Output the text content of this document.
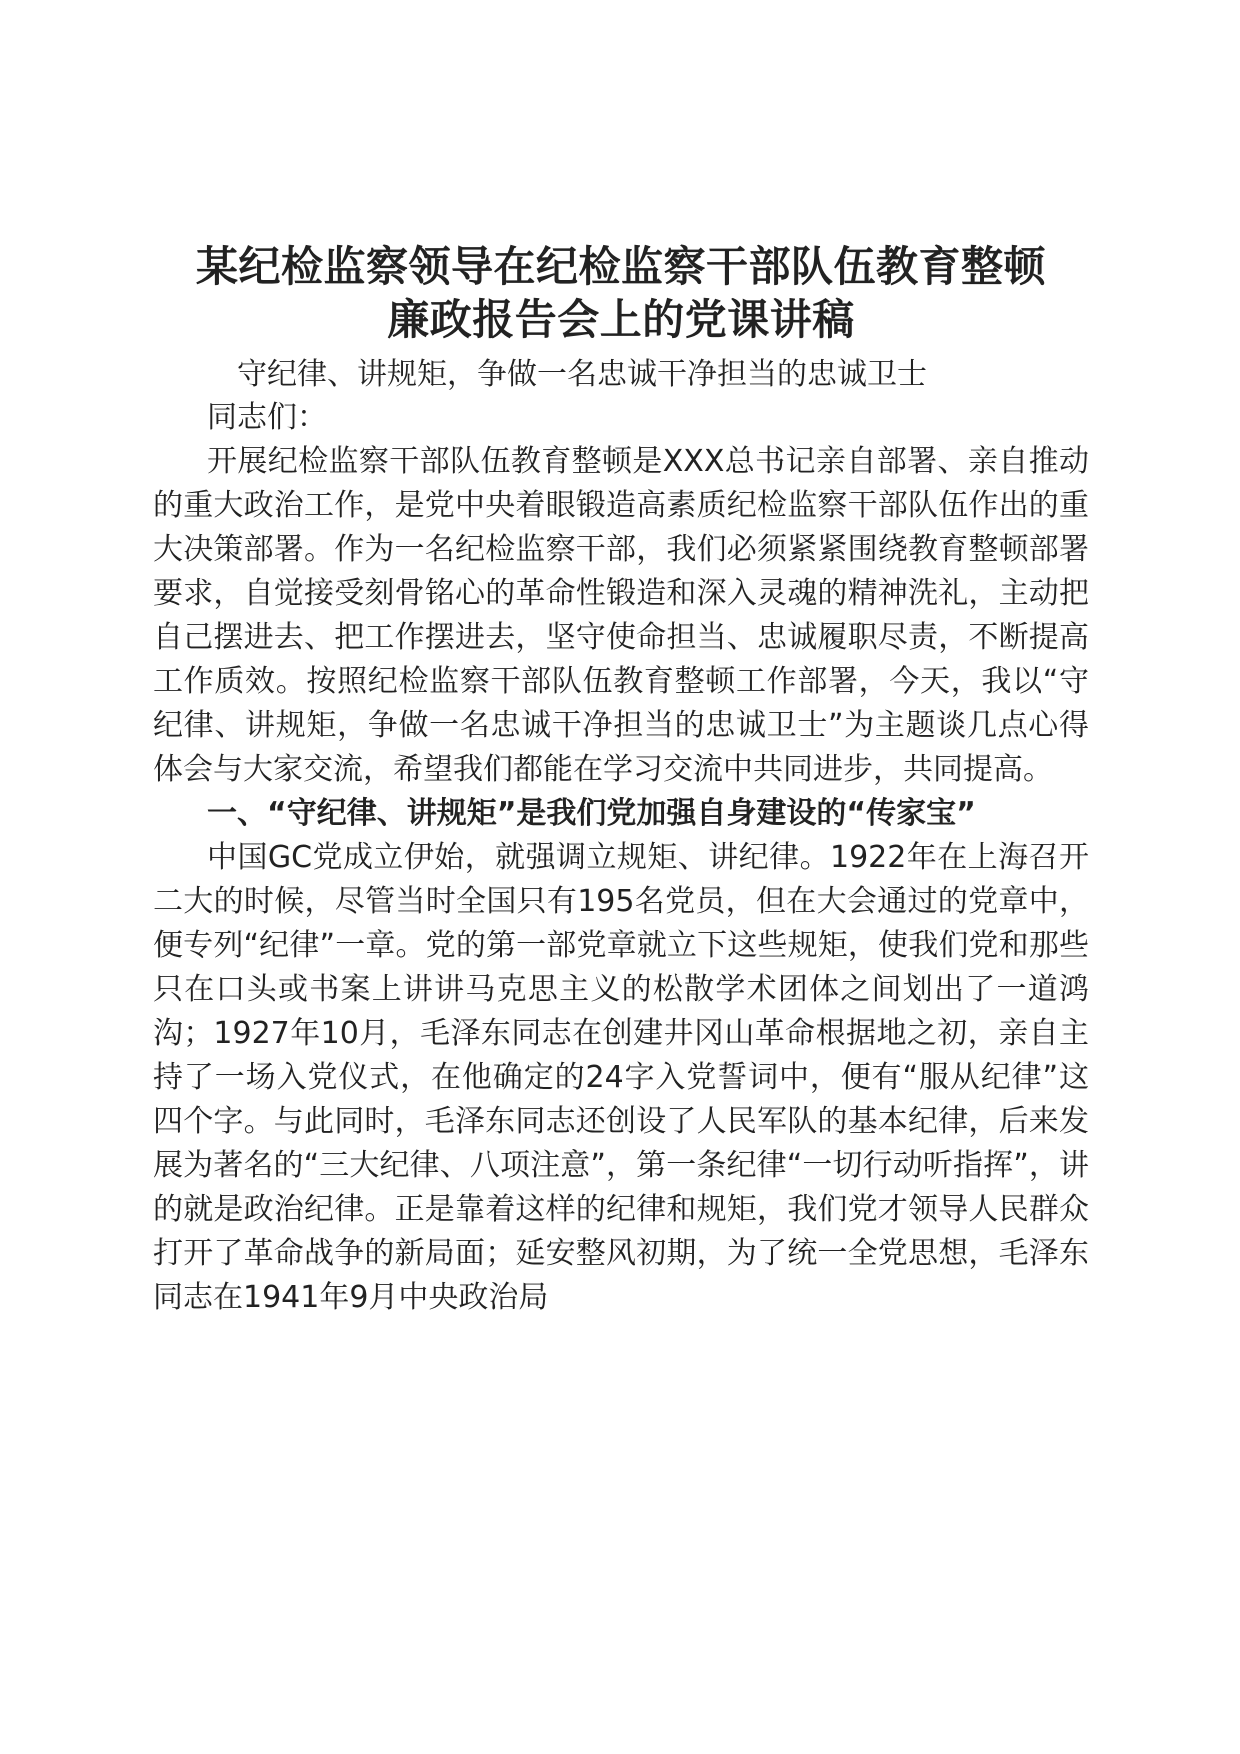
某纪检监察领导在纪检监察干部队伍教育整顿
廉政报告会上的党课讲稿

守纪律、讲规矩，争做一名忠诚干净担当的忠诚卫士

同志们：

开展纪检监察干部队伍教育整顿是XXX总书记亲自部署、亲自推动的重大政治工作，是党中央着眼锻造高素质纪检监察干部队伍作出的重大决策部署。作为一名纪检监察干部，我们必须紧紧围绕教育整顿部署要求，自觉接受刻骨铭心的革命性锻造和深入灵魂的精神洗礼，主动把自己摆进去、把工作摆进去，坚守使命担当、忠诚履职尽责，不断提高工作质效。按照纪检监察干部队伍教育整顿工作部署，今天，我以“守纪律、讲规矩，争做一名忠诚干净担当的忠诚卫士”为主题谈几点心得体会与大家交流，希望我们都能在学习交流中共同进步，共同提高。

一、“守纪律、讲规矩”是我们党加强自身建设的“传家宝”

中国GC党成立伊始，就强调立规矩、讲纪律。1922年在上海召开二大的时候，尽管当时全国只有195名党员，但在大会通过的党章中，便专列“纪律”一章。党的第一部党章就立下这些规矩，使我们党和那些只在口头或书案上讲讲马克思主义的松散学术团体之间划出了一道鸿沟；1927年10月，毛泽东同志在创建井冈山革命根据地之初，亲自主持了一场入党仪式，在他确定的24字入党誓词中，便有“服从纪律”这四个字。与此同时，毛泽东同志还创设了人民军队的基本纪律，后来发展为著名的“三大纪律、八项注意”，第一条纪律“一切行动听指挥”，讲的就是政治纪律。正是靠着这样的纪律和规矩，我们党才领导人民群众打开了革命战争的新局面；延安整风初期，为了统一全党思想，毛泽东同志在1941年9月中央政治局
